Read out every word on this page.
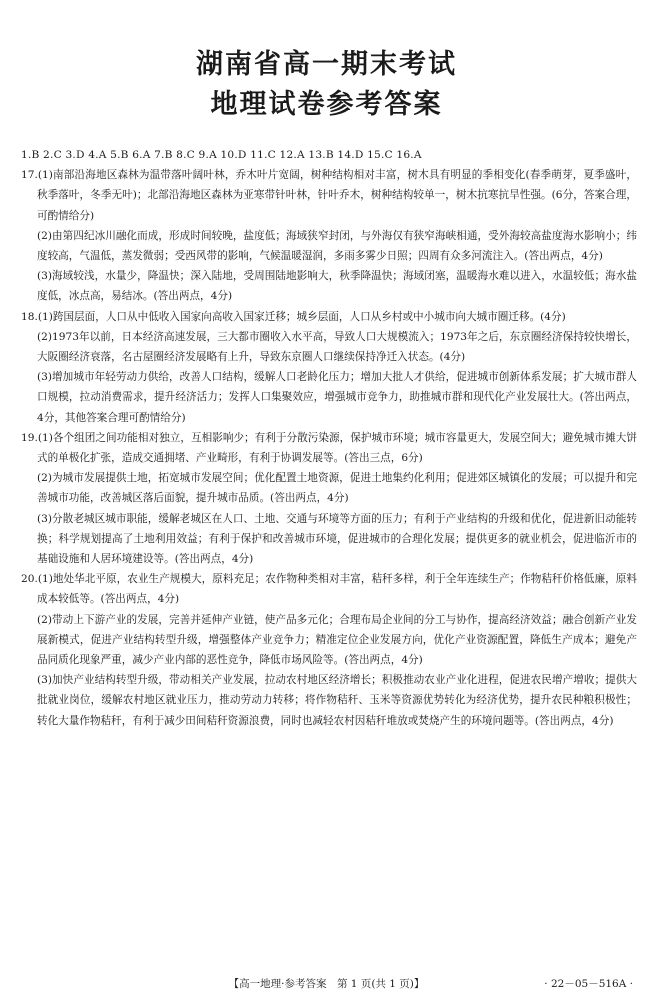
湖南省高一期末考试
地理试卷参考答案

1.B 2.C 3.D 4.A 5.B 6.A 7.B 8.C 9.A 10.D 11.C 12.A 13.B 14.D 15.C 16.A

17.(1)南部沿海地区森林为温带落叶阔叶林，乔木叶片宽阔，树种结构相对丰富，树木具有明显的季相变化(春季萌芽，夏季盛叶，秋季落叶，冬季无叶)；北部沿海地区森林为亚寒带针叶林，针叶乔木，树种结构较单一，树木抗寒抗旱性强。(6分，答案合理，可酌情给分)

(2)由第四纪冰川融化而成，形成时间较晚，盐度低；海域狭窄封闭，与外海仅有狭窄海峡相通，受外海较高盐度海水影响小；纬度较高，气温低，蒸发微弱；受西风带的影响，气候温暖湿润，多雨多雾少日照；四周有众多河流注入。(答出两点，4分)

(3)海域较浅，水量少，降温快；深入陆地，受周围陆地影响大，秋季降温快；海域闭塞，温暖海水难以进入，水温较低；海水盐度低，冰点高，易结冰。(答出两点，4分)

18.(1)跨国层面，人口从中低收入国家向高收入国家迁移；城乡层面，人口从乡村或中小城市向大城市圈迁移。(4分)

(2)1973年以前，日本经济高速发展，三大都市圈收入水平高，导致人口大规模流入；1973年之后，东京圈经济保持较快增长，大阪圈经济衰落，名古屋圈经济发展略有上升，导致东京圈人口继续保持净迁入状态。(4分)

(3)增加城市年轻劳动力供给，改善人口结构，缓解人口老龄化压力；增加大批人才供给，促进城市创新体系发展；扩大城市群人口规模，拉动消费需求，提升经济活力；发挥人口集聚效应，增强城市竞争力，助推城市群和现代化产业发展壮大。(答出两点，4分，其他答案合理可酌情给分)

19.(1)各个组团之间功能相对独立，互相影响少；有利于分散污染源，保护城市环境；城市容量更大，发展空间大；避免城市摊大饼式的单极化扩张，造成交通拥堵、产业畸形，有利于协调发展等。(答出三点，6分)

(2)为城市发展提供土地，拓宽城市发展空间；优化配置土地资源，促进土地集约化利用；促进郊区城镇化的发展；可以提升和完善城市功能，改善城区落后面貌，提升城市品质。(答出两点，4分)

(3)分散老城区城市职能，缓解老城区在人口、土地、交通与环境等方面的压力；有利于产业结构的升级和优化，促进新旧动能转换；科学规划提高了土地利用效益；有利于保护和改善城市环境，促进城市的合理化发展；提供更多的就业机会，促进临沂市的基础设施和人居环境建设等。(答出两点，4分)

20.(1)地处华北平原，农业生产规模大，原料充足；农作物种类相对丰富，秸秆多样，利于全年连续生产；作物秸秆价格低廉，原料成本较低等。(答出两点，4分)

(2)带动上下游产业的发展，完善并延伸产业链，使产品多元化；合理布局企业间的分工与协作，提高经济效益；融合创新产业发展新模式，促进产业结构转型升级，增强整体产业竞争力；精准定位企业发展方向，优化产业资源配置，降低生产成本；避免产品同质化现象严重，减少产业内部的恶性竞争，降低市场风险等。(答出两点，4分)

(3)加快产业结构转型升级，带动相关产业发展，拉动农村地区经济增长；积极推动农业产业化进程，促进农民增产增收；提供大批就业岗位，缓解农村地区就业压力，推动劳动力转移；将作物秸秆、玉米等资源优势转化为经济优势，提升农民种粮积极性；转化大量作物秸秆，有利于减少田间秸秆资源浪费，同时也减轻农村因秸秆堆放或焚烧产生的环境问题等。(答出两点，4分)

【高一地理·参考答案　第 1 页(共 1 页)】	· 22－05－516A ·
